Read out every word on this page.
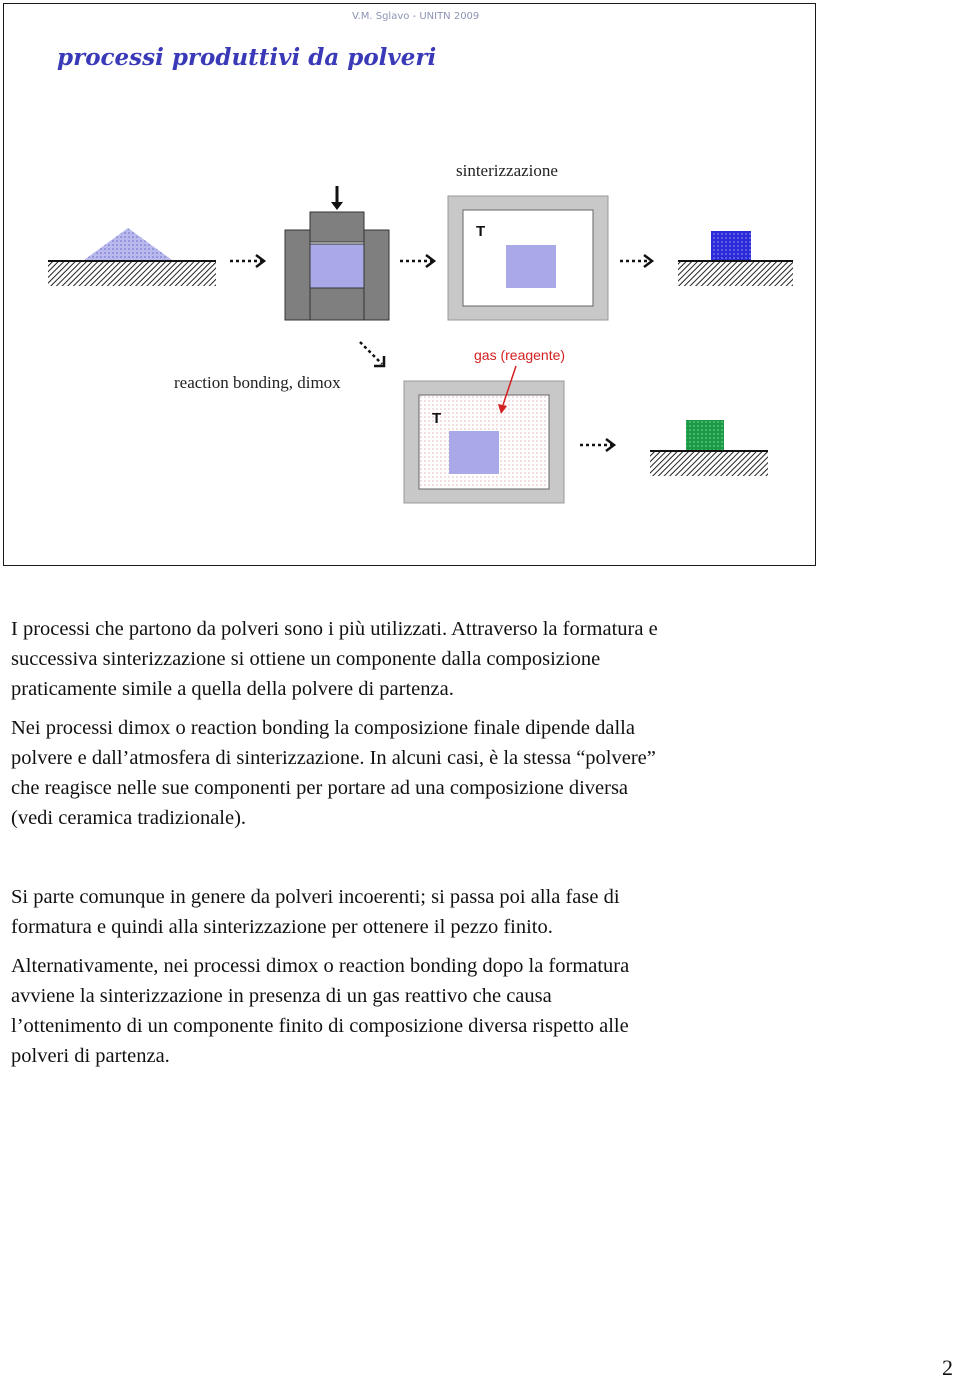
V.M. Sglavo - UNITN 2009
processi produttivi da polveri
sinterizzazione
T
reaction bonding, dimox
gas (reagente)
T

I processi che partono da polveri sono i più utilizzati. Attraverso la formatura e
successiva sinterizzazione si ottiene un componente dalla composizione
praticamente simile a quella della polvere di partenza.

Nei processi dimox o reaction bonding la composizione finale dipende dalla
polvere e dall’atmosfera di sinterizzazione. In alcuni casi, è la stessa “polvere”
che reagisce nelle sue componenti per portare ad una composizione diversa
(vedi ceramica tradizionale).

Si parte comunque in genere da polveri incoerenti; si passa poi alla fase di
formatura e quindi alla sinterizzazione per ottenere il pezzo finito.

Alternativamente, nei processi dimox o reaction bonding dopo la formatura
avviene la sinterizzazione in presenza di un gas reattivo che causa
l’ottenimento di un componente finito di composizione diversa rispetto alle
polveri di partenza.

2
